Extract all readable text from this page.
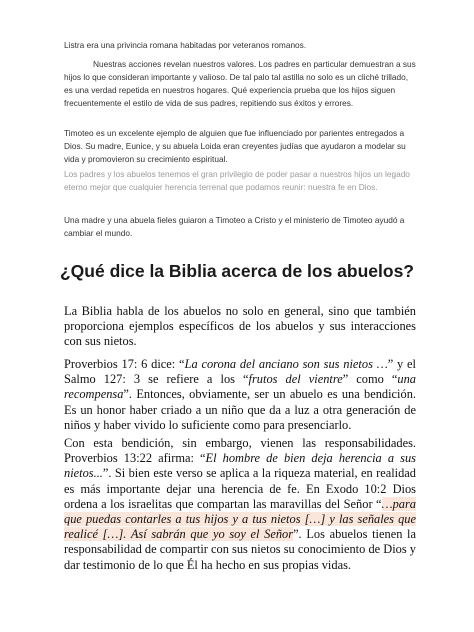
Listra era una privincia romana habitadas por veteranos romanos.

Nuestras acciones revelan nuestros valores. Los padres en particular demuestran a sus hijos lo que consideran importante y valioso. De tal palo tal astilla no solo es un cliché trillado, es una verdad repetida en nuestros hogares. Qué experiencia prueba que los hijos siguen frecuentemente el estilo de vida de sus padres, repitiendo sus éxitos y errores.

Timoteo es un excelente ejemplo de alguien que fue influenciado por parientes entregados a Dios. Su madre, Eunice, y su abuela Loida eran creyentes judías que ayudaron a modelar su vida y promovieron su crecimiento espiritual.

Los padres y los abuelos tenemos el gran privilegio de poder pasar a nuestros hijos un legado eterno mejor que cualquier herencia terrenal que podamos reunir: nuestra fe en Dios.

Una madre y una abuela fieles guiaron a Timoteo a Cristo y el ministerio de Timoteo ayudó a cambiar el mundo.

¿Qué dice la Biblia acerca de los abuelos?

La Biblia habla de los abuelos no solo en general, sino que también proporciona ejemplos específicos de los abuelos y sus interacciones con sus nietos.

Proverbios 17: 6 dice: “La corona del anciano son sus nietos …” y el Salmo 127: 3 se refiere a los “frutos del vientre” como “una recompensa”. Entonces, obviamente, ser un abuelo es una bendición. Es un honor haber criado a un niño que da a luz a otra generación de niños y haber vivido lo suficiente como para presenciarlo.

Con esta bendición, sin embargo, vienen las responsabilidades. Proverbios 13:22 afirma: “El hombre de bien deja herencia a sus nietos...”. Si bien este verso se aplica a la riqueza material, en realidad es más importante dejar una herencia de fe. En Exodo 10:2 Dios ordena a los israelitas que compartan las maravillas del Señor “…para que puedas contarles a tus hijos y a tus nietos […] y las señales que realicé […]. Así sabrán que yo soy el Señor”. Los abuelos tienen la responsabilidad de compartir con sus nietos su conocimiento de Dios y dar testimonio de lo que Él ha hecho en sus propias vidas.
